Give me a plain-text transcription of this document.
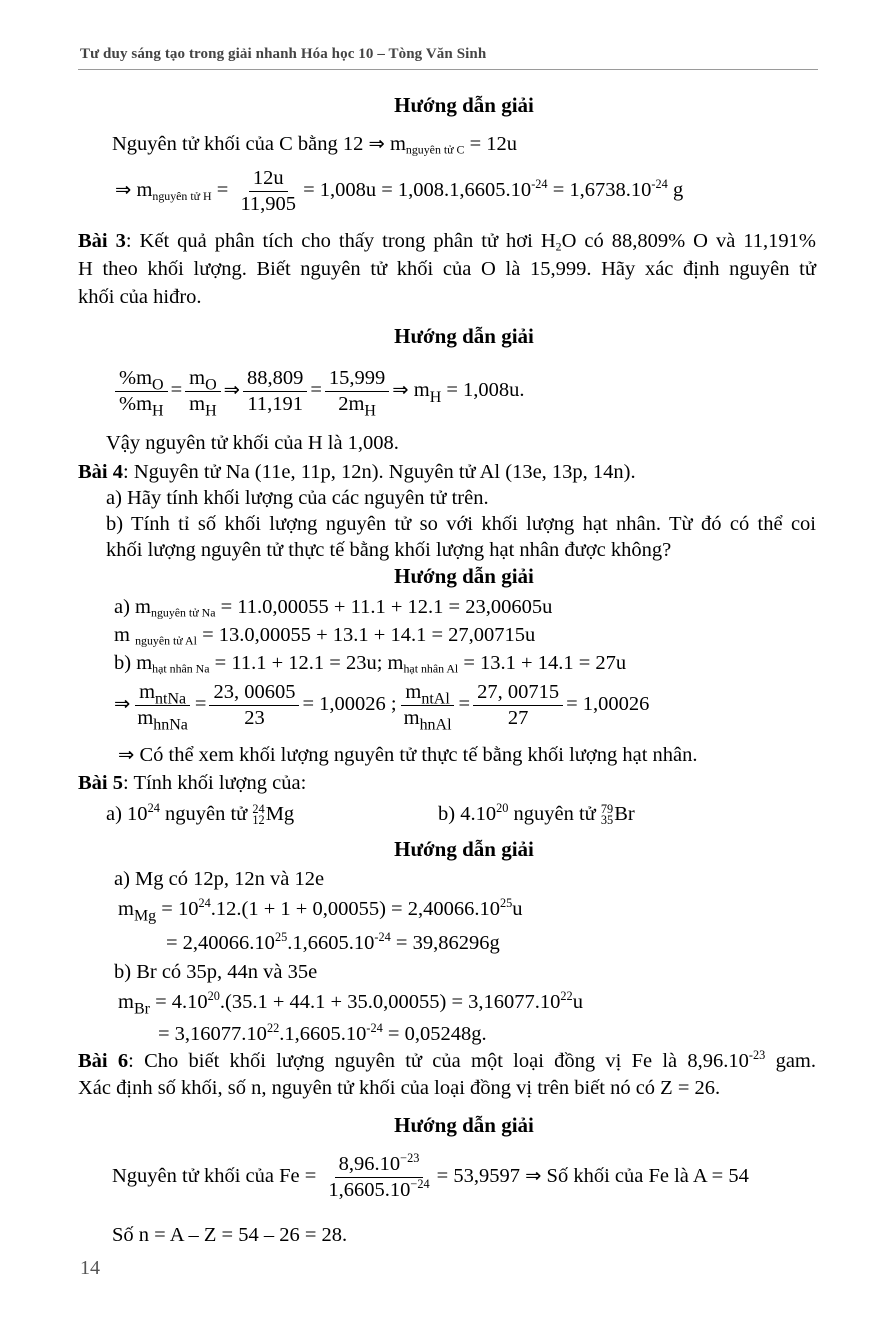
Tư duy sáng tạo trong giải nhanh Hóa học 10 – Tòng Văn Sinh
Hướng dẫn giải
Nguyên tử khối của C bằng 12 ⇒ $m_{nguyên tử C} = 12u$
⇒ $m_{nguyên tử H} = \frac{12u}{11,905} = 1,008u = 1,008.1,6605.10^{-24} = 1,6738.10^{-24}$ g
Bài 3: Kết quả phân tích cho thấy trong phân tử hơi $H_2O$ có 88,809% O và 11,191%
H theo khối lượng. Biết nguyên tử khối của O là 15,999. Hãy xác định nguyên tử
khối của hiđro.
Hướng dẫn giải
$\frac{\%m_O}{\%m_H} = \frac{m_O}{m_H}$ ⇒ $\frac{88,809}{11,191} = \frac{15,999}{2m_H}$ ⇒ $m_H = 1,008u$.
Vậy nguyên tử khối của H là 1,008.
Bài 4: Nguyên tử Na (11e, 11p, 12n). Nguyên tử Al (13e, 13p, 14n).
a) Hãy tính khối lượng của các nguyên tử trên.
b) Tính tỉ số khối lượng nguyên tử so với khối lượng hạt nhân. Từ đó có thể coi
khối lượng nguyên tử thực tế bằng khối lượng hạt nhân được không?
Hướng dẫn giải
a) $m_{nguyên tử Na} = 11.0,00055 + 11.1 + 12.1 = 23,00605u$
m $_{nguyên tử Al}$ = 13.0,00055 + 13.1 + 14.1 = 27,00715u
b) $m_{hạt nhân Na} = 11.1 + 12.1 = 23u$; $m_{hạt nhân Al} = 13.1 + 14.1 = 27u$
⇒ $\frac{m_{ntNa}}{m_{hnNa}} = \frac{23, 00605}{23} = 1,00026$ ; $\frac{m_{ntAl}}{m_{hnAl}} = \frac{27, 00715}{27} = 1,00026$
⇒ Có thể xem khối lượng nguyên tử thực tế bằng khối lượng hạt nhân.
Bài 5: Tính khối lượng của:
a) $10^{24}$ nguyên tử 24
12 Mg	b) 4.10$^{20}$ nguyên tử 79
35 Br
Hướng dẫn giải
a) Mg có 12p, 12n và 12e
$m_{Mg} = 10^{24}.12.(1 + 1 + 0,00055) = 2,40066.10^{25}u$
= $2,40066.10^{25}.1,6605.10^{-24} = 39,86296g$
b) Br có 35p, 44n và 35e
$m_{Br} = 4.10^{20}.(35.1 + 44.1 + 35.0,00055) = 3,16077.10^{22}u$
= $3,16077.10^{22}.1,6605.10^{-24} = 0,05248g$.
Bài 6: Cho biết khối lượng nguyên tử của một loại đồng vị Fe là $8,96.10^{-23}$ gam.
Xác định số khối, số n, nguyên tử khối của loại đồng vị trên biết nó có Z = 26.
Hướng dẫn giải
Nguyên tử khối của $Fe = \frac{8,96.10^{-23}}{1,6605.10^{-24}} = 53,9597$ ⇒ Số khối của Fe là A = 54
Số n = A – Z = 54 – 26 = 28.
14
